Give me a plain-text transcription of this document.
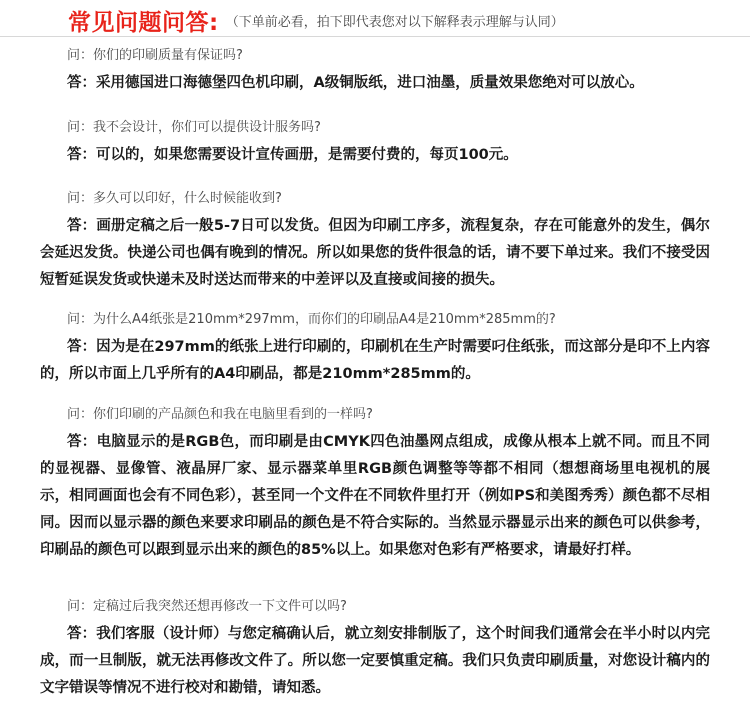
常见问题问答: （下单前必看，拍下即代表您对以下解释表示理解与认同）
问：你们的印刷质量有保证吗?
答：采用德国进口海德堡四色机印刷，A级铜版纸，进口油墨，质量效果您绝对可以放心。
问：我不会设计，你们可以提供设计服务吗?
答：可以的，如果您需要设计宣传画册，是需要付费的，每页100元。
问：多久可以印好，什么时候能收到?
答：画册定稿之后一般5-7日可以发货。但因为印刷工序多，流程复杂，存在可能意外的发生，偶尔会延迟发货。快递公司也偶有晚到的情况。所以如果您的货件很急的话，请不要下单过来。我们不接受因短暂延误发货或快递未及时送达而带来的中差评以及直接或间接的损失。
问：为什么A4纸张是210mm*297mm，而你们的印刷品A4是210mm*285mm的?
答：因为是在297mm的纸张上进行印刷的，印刷机在生产时需要叼住纸张，而这部分是印不上内容的，所以市面上几乎所有的A4印刷品，都是210mm*285mm的。
问：你们印刷的产品颜色和我在电脑里看到的一样吗?
答：电脑显示的是RGB色，而印刷是由CMYK四色油墨网点组成，成像从根本上就不同。而且不同的显视器、显像管、液晶屏厂家、显示器菜单里RGB颜色调整等等都不相同（想想商场里电视机的展示，相同画面也会有不同色彩），甚至同一个文件在不同软件里打开（例如PS和美图秀秀）颜色都不尽相同。因而以显示器的颜色来要求印刷品的颜色是不符合实际的。当然显示器显示出来的颜色可以供参考，印刷品的颜色可以跟到显示出来的颜色的85%以上。如果您对色彩有严格要求，请最好打样。
问：定稿过后我突然还想再修改一下文件可以吗?
答：我们客服（设计师）与您定稿确认后，就立刻安排制版了，这个时间我们通常会在半小时以内完成，而一旦制版，就无法再修改文件了。所以您一定要慎重定稿。我们只负责印刷质量，对您设计稿内的文字错误等情况不进行校对和勘错，请知悉。
